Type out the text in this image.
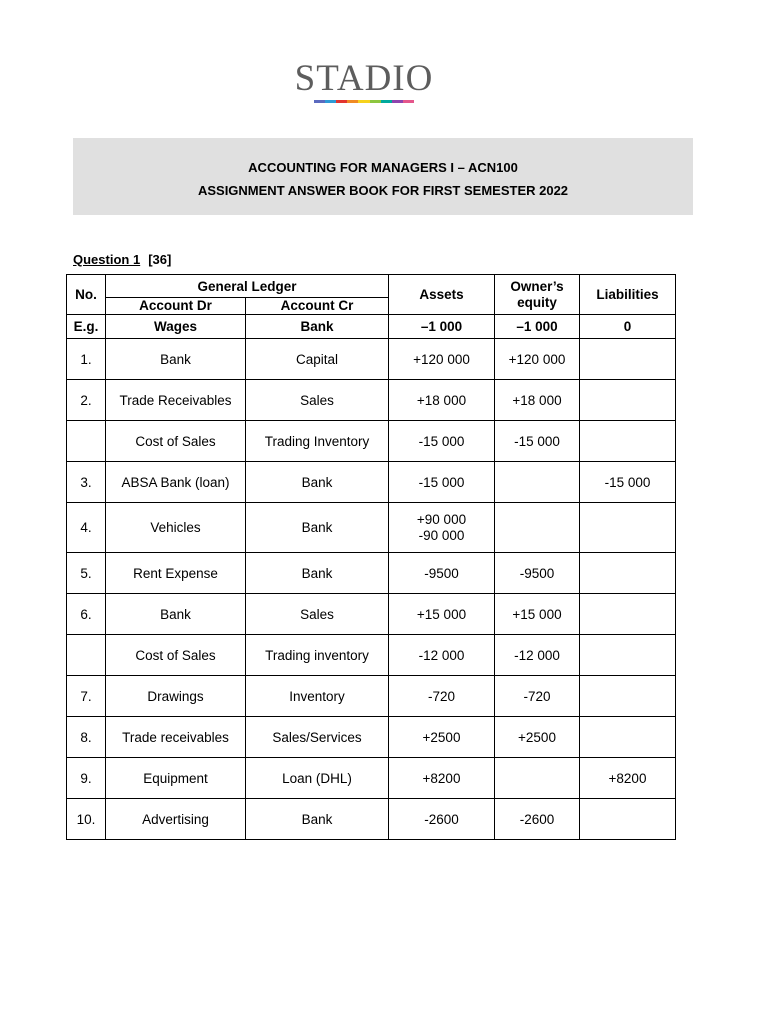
STADIO
ACCOUNTING FOR MANAGERS I – ACN100
ASSIGNMENT ANSWER BOOK FOR FIRST SEMESTER 2022
Question 1 [36]
No.	General Ledger		Assets	Owner’s equity	Liabilities
	Account Dr	Account Cr			
E.g.	Wages	Bank	–1 000	–1 000	0
1.	Bank	Capital	+120 000	+120 000	
2.	Trade Receivables	Sales	+18 000	+18 000	
	Cost of Sales	Trading Inventory	-15 000	-15 000	
3.	ABSA Bank (loan)	Bank	-15 000		-15 000
4.	Vehicles	Bank	+90 000
-90 000		

5.	Rent Expense	Bank	-9500	-9500	
6.	Bank	Sales	+15 000	+15 000	
	Cost of Sales	Trading inventory	-12 000	-12 000	
7.	Drawings	Inventory	-720	-720	
8.	Trade receivables	Sales/Services	+2500	+2500	
9.	Equipment	Loan (DHL)	+8200		+8200
10.	Advertising	Bank	-2600	-2600	
